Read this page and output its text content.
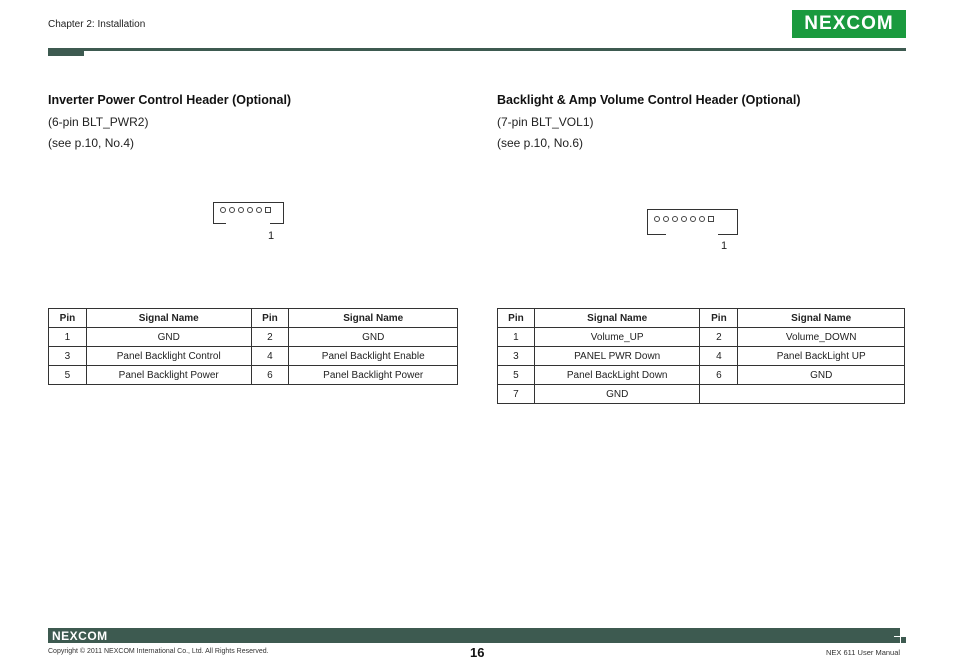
Chapter 2: Installation	NEXCOM
Inverter Power Control Header (Optional)
(6-pin BLT_PWR2)
(see p.10, No.4)
1
Pin	Signal Name	Pin	Signal Name
1	GND	2	GND
3	Panel Backlight Control	4	Panel Backlight Enable
5	Panel Backlight Power	6	Panel Backlight Power
Backlight & Amp Volume Control Header (Optional)
(7-pin BLT_VOL1)
(see p.10, No.6)
1
Pin	Signal Name	Pin	Signal Name
1	Volume_UP	2	Volume_DOWN
3	PANEL PWR Down	4	Panel BackLight UP
5	Panel BackLight Down	6	GND
7	GND		
NEXCOM
Copyright © 2011 NEXCOM International Co., Ltd. All Rights Reserved.	16	NEX 611 User Manual
